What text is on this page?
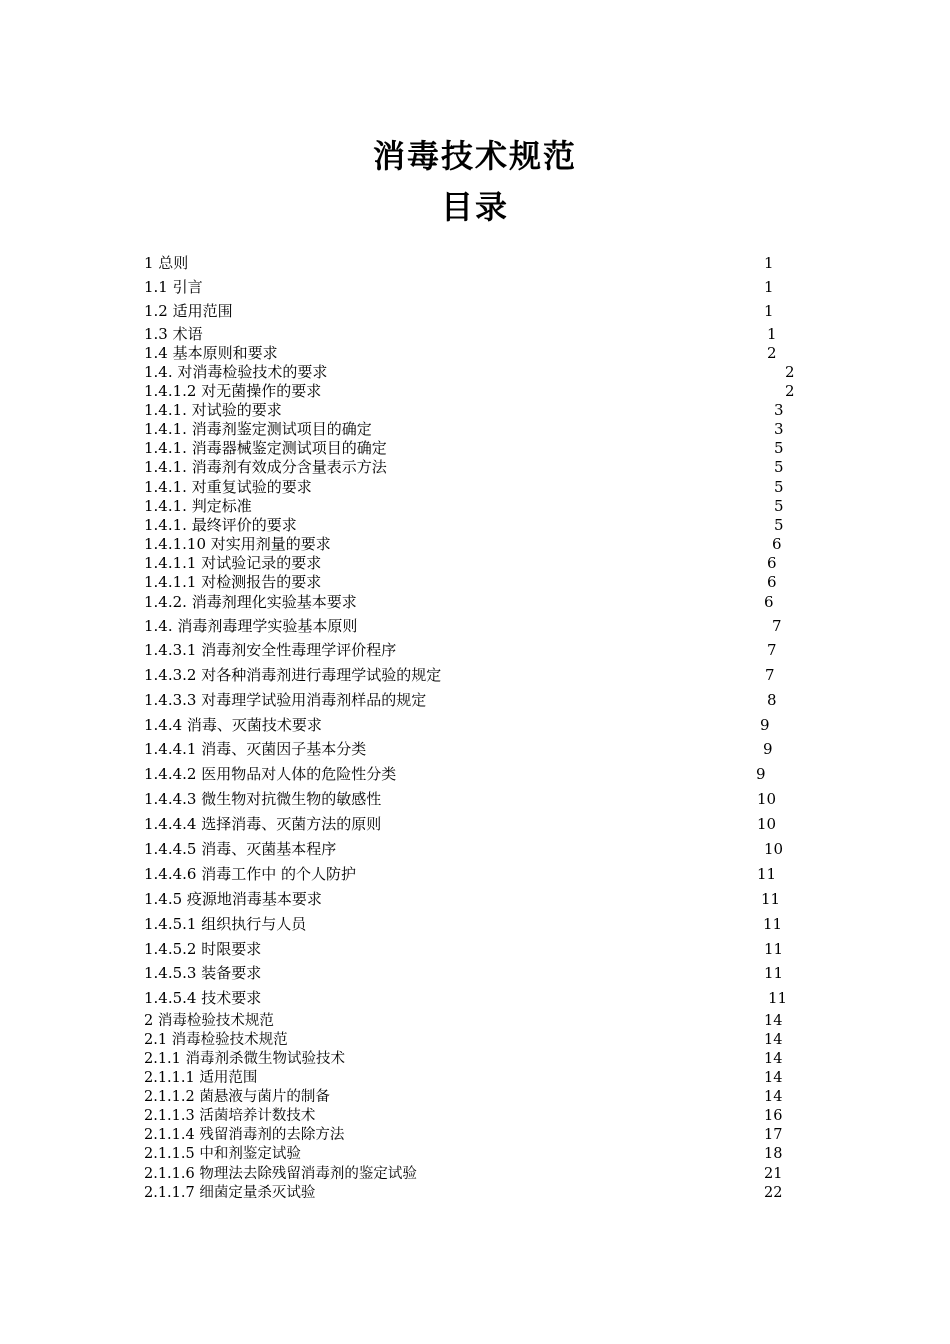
消毒技术规范
目录
1 总则	1
1.1 引言	1
1.2 适用范围	1
1.3 术语	1
1.4 基本原则和要求	2
1.4. 对消毒检验技术的要求	2
1.4.1.2 对无菌操作的要求	2
1.4.1. 对试验的要求	3
1.4.1. 消毒剂鉴定测试项目的确定	3
1.4.1. 消毒器械鉴定测试项目的确定	5
1.4.1. 消毒剂有效成分含量表示方法	5
1.4.1. 对重复试验的要求	5
1.4.1. 判定标准	5
1.4.1. 最终评价的要求	5
1.4.1.10 对实用剂量的要求	6
1.4.1.1 对试验记录的要求	6
1.4.1.1 对检测报告的要求	6
1.4.2. 消毒剂理化实验基本要求	6
1.4. 消毒剂毒理学实验基本原则	7
1.4.3.1 消毒剂安全性毒理学评价程序	7
1.4.3.2 对各种消毒剂进行毒理学试验的规定	7
1.4.3.3 对毒理学试验用消毒剂样品的规定	8
1.4.4 消毒、灭菌技术要求	9
1.4.4.1 消毒、灭菌因子基本分类	9
1.4.4.2 医用物品对人体的危险性分类	9
1.4.4.3 微生物对抗微生物的敏感性	10
1.4.4.4 选择消毒、灭菌方法的原则	10
1.4.4.5 消毒、灭菌基本程序	10
1.4.4.6 消毒工作中 的个人防护	11
1.4.5 疫源地消毒基本要求	11
1.4.5.1 组织执行与人员	11
1.4.5.2 时限要求	11
1.4.5.3 装备要求	11
1.4.5.4 技术要求	11
2 消毒检验技术规范	14
2.1 消毒检验技术规范	14
2.1.1 消毒剂杀微生物试验技术	14
2.1.1.1 适用范围	14
2.1.1.2 菌悬液与菌片的制备	14
2.1.1.3 活菌培养计数技术	16
2.1.1.4 残留消毒剂的去除方法	17
2.1.1.5 中和剂鉴定试验	18
2.1.1.6 物理法去除残留消毒剂的鉴定试验	21
2.1.1.7 细菌定量杀灭试验	22
